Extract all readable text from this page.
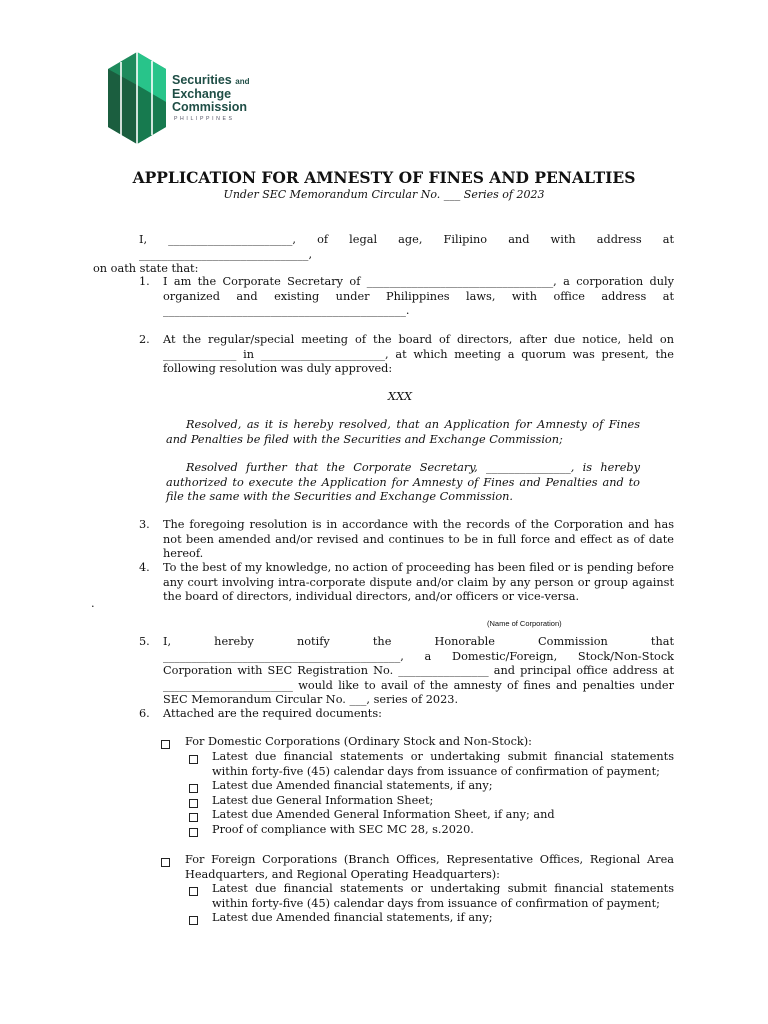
Securities and
Exchange
Commission
PHILIPPINES
APPLICATION FOR AMNESTY OF FINES AND PENALTIES
Under SEC Memorandum Circular No. ___ Series of 2023
I, ______________________, of legal age, Filipino and with address at ______________________________,
on oath state that:
1. I am the Corporate Secretary of _________________________________, a corporation duly organized and existing under Philippines laws, with office address at ___________________________________________.
2. At the regular/special meeting of the board of directors, after due notice, held on _____________ in ______________________, at which meeting a quorum was present, the following resolution was duly approved:
XXX
Resolved, as it is hereby resolved, that an Application for Amnesty of Fines and Penalties be filed with the Securities and Exchange Commission;
Resolved further that the Corporate Secretary, _______________, is hereby authorized to execute the Application for Amnesty of Fines and Penalties and to file the same with the Securities and Exchange Commission.
3. The foregoing resolution is in accordance with the records of the Corporation and has not been amended and/or revised and continues to be in full force and effect as of date hereof.
4. To the best of my knowledge, no action of proceeding has been filed or is pending before any court involving intra-corporate dispute and/or claim by any person or group against the board of directors, individual directors, and/or officers or vice-versa.
.
(Name of Corporation)
5. I, hereby notify the Honorable Commission that __________________________________________, a Domestic/Foreign, Stock/Non-Stock Corporation with SEC Registration No. ________________ and principal office address at _______________________ would like to avail of the amnesty of fines and penalties under SEC Memorandum Circular No. ___, series of 2023.
6. Attached are the required documents:
For Domestic Corporations (Ordinary Stock and Non-Stock):
Latest due financial statements or undertaking submit financial statements within forty-five (45) calendar days from issuance of confirmation of payment;
Latest due Amended financial statements, if any;
Latest due General Information Sheet;
Latest due Amended General Information Sheet, if any; and
Proof of compliance with SEC MC 28, s.2020.
For Foreign Corporations (Branch Offices, Representative Offices, Regional Area Headquarters, and Regional Operating Headquarters):
Latest due financial statements or undertaking submit financial statements within forty-five (45) calendar days from issuance of confirmation of payment;
Latest due Amended financial statements, if any;
